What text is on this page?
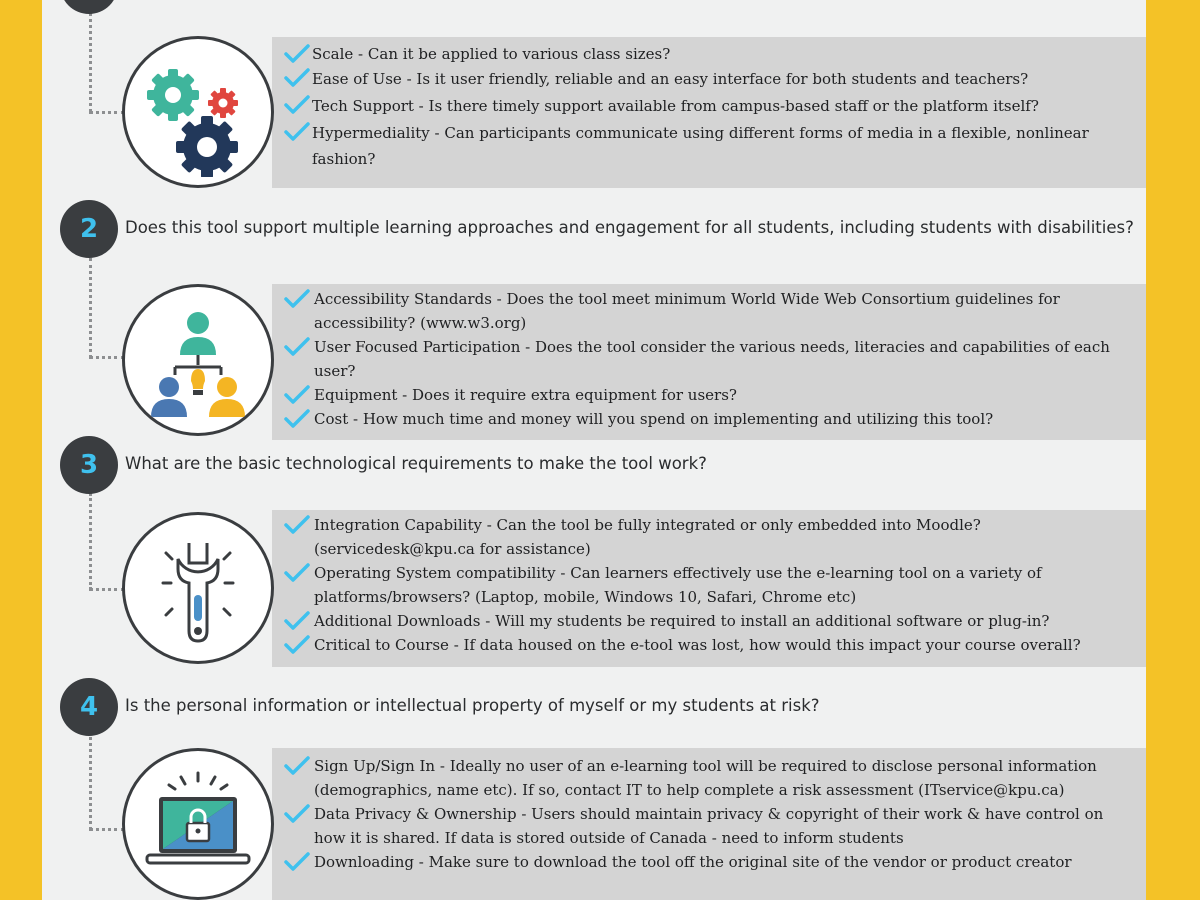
Scale - Can it be applied to various class sizes?
Ease of Use - Is it user friendly, reliable and an easy interface for both students and teachers?
Tech Support - Is there timely support available from campus-based staff or the platform itself?
Hypermediality - Can participants communicate using different forms of media in a flexible, nonlinear fashion?
2 Does this tool support multiple learning approaches and engagement for all students, including students with disabilities?
Accessibility Standards - Does the tool meet minimum World Wide Web Consortium guidelines for accessibility? (www.w3.org)
User Focused Participation - Does the tool consider the various needs, literacies and capabilities of each user?
Equipment - Does it require extra equipment for users?
Cost - How much time and money will you spend on implementing and utilizing this tool?
3 What are the basic technological requirements to make the tool work?
Integration Capability - Can the tool be fully integrated or only embedded into Moodle? (servicedesk@kpu.ca for assistance)
Operating System compatibility - Can learners effectively use the e-learning tool on a variety of platforms/browsers? (Laptop, mobile, Windows 10, Safari, Chrome etc)
Additional Downloads - Will my students be required to install an additional software or plug-in?
Critical to Course - If data housed on the e-tool was lost, how would this impact your course overall?
4 Is the personal information or intellectual property of myself or my students at risk?
Sign Up/Sign In - Ideally no user of an e-learning tool will be required to disclose personal information (demographics, name etc). If so, contact IT to help complete a risk assessment (ITservice@kpu.ca)
Data Privacy & Ownership - Users should maintain privacy & copyright of their work & have control on how it is shared. If data is stored outside of Canada - need to inform students
Downloading - Make sure to download the tool off the original site of the vendor or product creator
